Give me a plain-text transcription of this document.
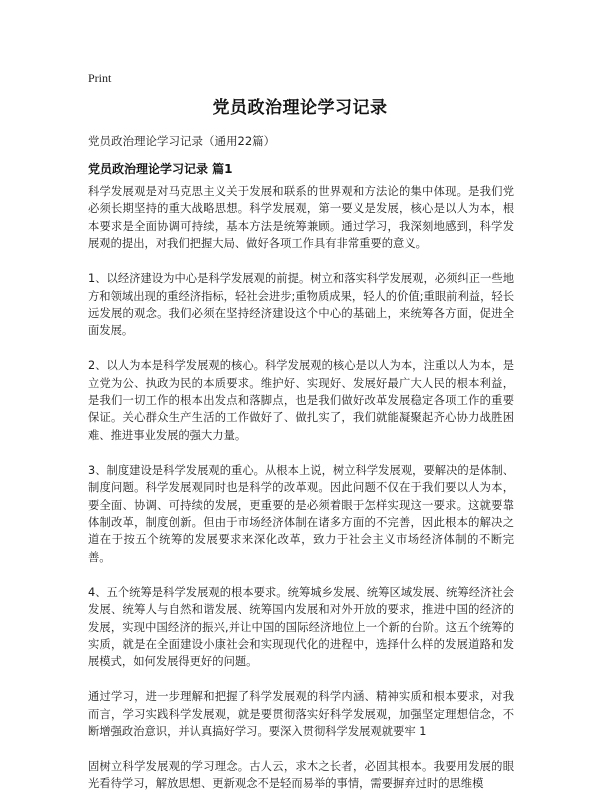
Print
党员政治理论学习记录
党员政治理论学习记录（通用22篇）
党员政治理论学习记录 篇1

科学发展观是对马克思主义关于发展和联系的世界观和方法论的集中体现。是我们党必须长期坚持的重大战略思想。科学发展观，第一要义是发展，核心是以人为本，根本要求是全面协调可持续，基本方法是统筹兼顾。通过学习，我深刻地感到，科学发展观的提出，对我们把握大局、做好各项工作具有非常重要的意义。

1、以经济建设为中心是科学发展观的前提。树立和落实科学发展观，必须纠正一些地方和领域出现的重经济指标，轻社会进步;重物质成果，轻人的价值;重眼前利益，轻长远发展的观念。我们必须在坚持经济建设这个中心的基础上，来统筹各方面，促进全面发展。

2、以人为本是科学发展观的核心。科学发展观的核心是以人为本，注重以人为本，是立党为公、执政为民的本质要求。维护好、实现好、发展好最广大人民的根本利益，是我们一切工作的根本出发点和落脚点，也是我们做好改革发展稳定各项工作的重要保证。关心群众生产生活的工作做好了、做扎实了，我们就能凝聚起齐心协力战胜困难、推进事业发展的强大力量。

3、制度建设是科学发展观的重心。从根本上说，树立科学发展观，要解决的是体制、制度问题。科学发展观同时也是科学的改革观。因此问题不仅在于我们要以人为本，要全面、协调、可持续的发展，更重要的是必须着眼于怎样实现这一要求。这就要靠体制改革，制度创新。但由于市场经济体制在诸多方面的不完善，因此根本的解决之道在于按五个统筹的发展要求来深化改革，致力于社会主义市场经济体制的不断完善。

4、五个统筹是科学发展观的根本要求。统筹城乡发展、统筹区域发展、统筹经济社会发展、统筹人与自然和谐发展、统筹国内发展和对外开放的要求，推进中国的经济的发展，实现中国经济的振兴,并让中国的国际经济地位上一个新的台阶。这五个统筹的实质，就是在全面建设小康社会和实现现代化的进程中，选择什么样的发展道路和发展模式，如何发展得更好的问题。

通过学习，进一步理解和把握了科学发展观的科学内涵、精神实质和根本要求，对我而言，学习实践科学发展观，就是要贯彻落实好科学发展观，加强坚定理想信念，不断增强政治意识，并认真搞好学习。要深入贯彻科学发展观就要牢 1

固树立科学发展观的学习理念。古人云，求木之长者，必固其根本。我要用发展的眼光看待学习，解放思想、更新观念不是轻而易举的事情，需要摒弃过时的思维模
